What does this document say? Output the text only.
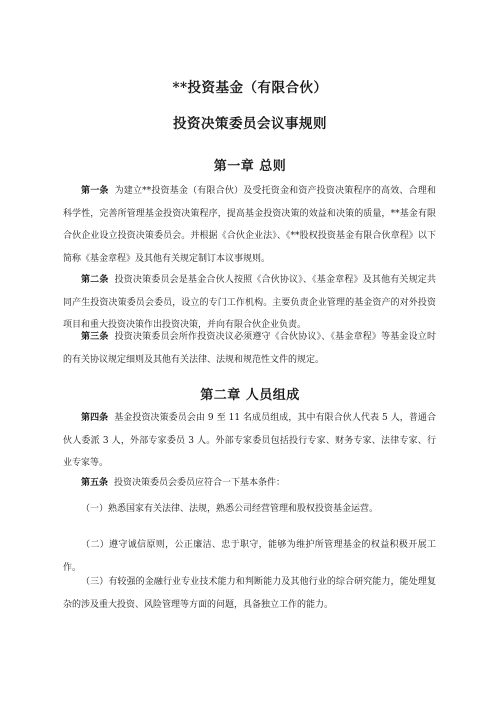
**投资基金（有限合伙）
投资决策委员会议事规则
第一章 总则
第一条 为建立**投资基金（有限合伙）及受托资金和资产投资决策程序的高效、合理和科学性，完善所管理基金投资决策程序，提高基金投资决策的效益和决策的质量，**基金有限合伙企业设立投资决策委员会。并根据《合伙企业法》、《**股权投资基金有限合伙章程》以下简称《基金章程》及其他有关规定制订本议事规则。
第二条 投资决策委员会是基金合伙人按照《合伙协议》、《基金章程》及其他有关规定共同产生投资决策委员会委员，设立的专门工作机构。主要负责企业管理的基金资产的对外投资项目和重大投资决策作出投资决策，并向有限合伙企业负责。
第三条 投资决策委员会所作投资决议必须遵守《合伙协议》、《基金章程》等基金设立时的有关协议规定细则及其他有关法律、法规和规范性文件的规定。
第二章 人员组成
第四条 基金投资决策委员会由 9 至 11 名成员组成，其中有限合伙人代表 5 人，普通合伙人委派 3 人，外部专家委员 3 人。外部专家委员包括投行专家、财务专家、法律专家、行业专家等。
第五条 投资决策委员会委员应符合一下基本条件：
（一）熟悉国家有关法律、法规，熟悉公司经营管理和股权投资基金运营。
（二）遵守诚信原则，公正廉洁、忠于职守，能够为维护所管理基金的权益积极开展工作。
（三）有较强的金融行业专业技术能力和判断能力及其他行业的综合研究能力，能处理复杂的涉及重大投资、风险管理等方面的问题，具备独立工作的能力。
